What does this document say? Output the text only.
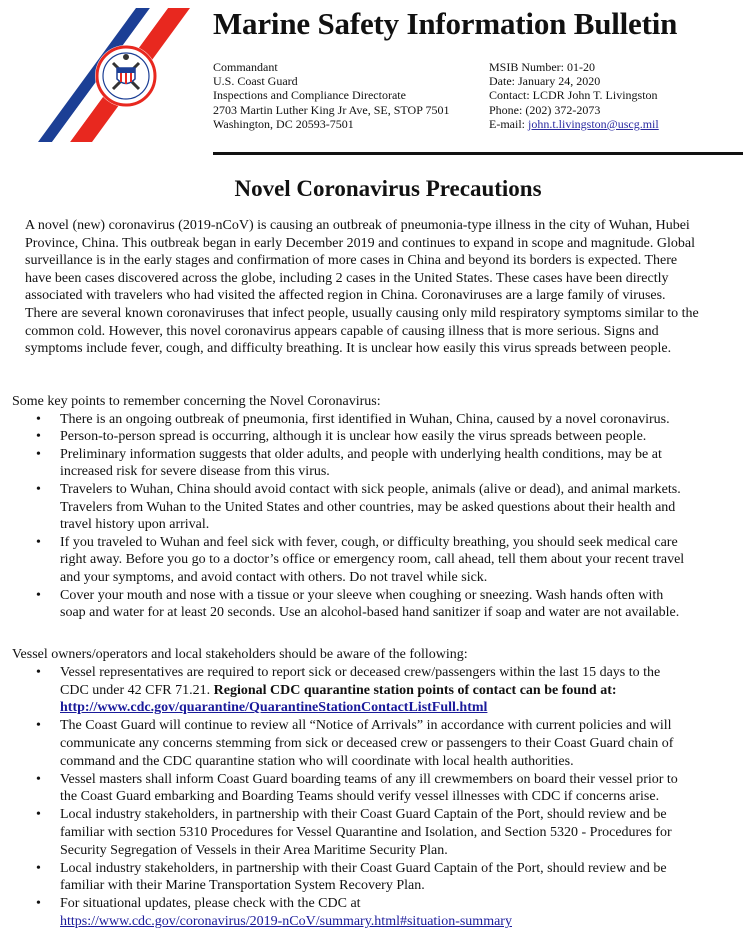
Marine Safety Information Bulletin
Commandant
U.S. Coast Guard
Inspections and Compliance Directorate
2703 Martin Luther King Jr Ave, SE, STOP 7501
Washington, DC 20593-7501
MSIB Number: 01-20
Date: January 24, 2020
Contact: LCDR John T. Livingston
Phone: (202) 372-2073
E-mail: john.t.livingston@uscg.mil
Novel Coronavirus Precautions
A novel (new) coronavirus (2019-nCoV) is causing an outbreak of pneumonia-type illness in the city of Wuhan, Hubei
Province, China. This outbreak began in early December 2019 and continues to expand in scope and magnitude. Global
surveillance is in the early stages and confirmation of more cases in China and beyond its borders is expected. There
have been cases discovered across the globe, including 2 cases in the United States. These cases have been directly
associated with travelers who had visited the affected region in China. Coronaviruses are a large family of viruses.
There are several known coronaviruses that infect people, usually causing only mild respiratory symptoms similar to the
common cold. However, this novel coronavirus appears capable of causing illness that is more serious. Signs and
symptoms include fever, cough, and difficulty breathing. It is unclear how easily this virus spreads between people.
Some key points to remember concerning the Novel Coronavirus:
• There is an ongoing outbreak of pneumonia, first identified in Wuhan, China, caused by a novel coronavirus.
• Person-to-person spread is occurring, although it is unclear how easily the virus spreads between people.
• Preliminary information suggests that older adults, and people with underlying health conditions, may be at
increased risk for severe disease from this virus.
• Travelers to Wuhan, China should avoid contact with sick people, animals (alive or dead), and animal markets.
Travelers from Wuhan to the United States and other countries, may be asked questions about their health and
travel history upon arrival.
• If you traveled to Wuhan and feel sick with fever, cough, or difficulty breathing, you should seek medical care
right away. Before you go to a doctor’s office or emergency room, call ahead, tell them about your recent travel
and your symptoms, and avoid contact with others. Do not travel while sick.
• Cover your mouth and nose with a tissue or your sleeve when coughing or sneezing. Wash hands often with
soap and water for at least 20 seconds. Use an alcohol-based hand sanitizer if soap and water are not available.
Vessel owners/operators and local stakeholders should be aware of the following:
• Vessel representatives are required to report sick or deceased crew/passengers within the last 15 days to the
CDC under 42 CFR 71.21. Regional CDC quarantine station points of contact can be found at:
http://www.cdc.gov/quarantine/QuarantineStationContactListFull.html
• The Coast Guard will continue to review all “Notice of Arrivals” in accordance with current policies and will
communicate any concerns stemming from sick or deceased crew or passengers to their Coast Guard chain of
command and the CDC quarantine station who will coordinate with local health authorities.
• Vessel masters shall inform Coast Guard boarding teams of any ill crewmembers on board their vessel prior to
the Coast Guard embarking and Boarding Teams should verify vessel illnesses with CDC if concerns arise.
• Local industry stakeholders, in partnership with their Coast Guard Captain of the Port, should review and be
familiar with section 5310 Procedures for Vessel Quarantine and Isolation, and Section 5320 - Procedures for
Security Segregation of Vessels in their Area Maritime Security Plan.
• Local industry stakeholders, in partnership with their Coast Guard Captain of the Port, should review and be
familiar with their Marine Transportation System Recovery Plan.
• For situational updates, please check with the CDC at
https://www.cdc.gov/coronavirus/2019-nCoV/summary.html#situation-summary
